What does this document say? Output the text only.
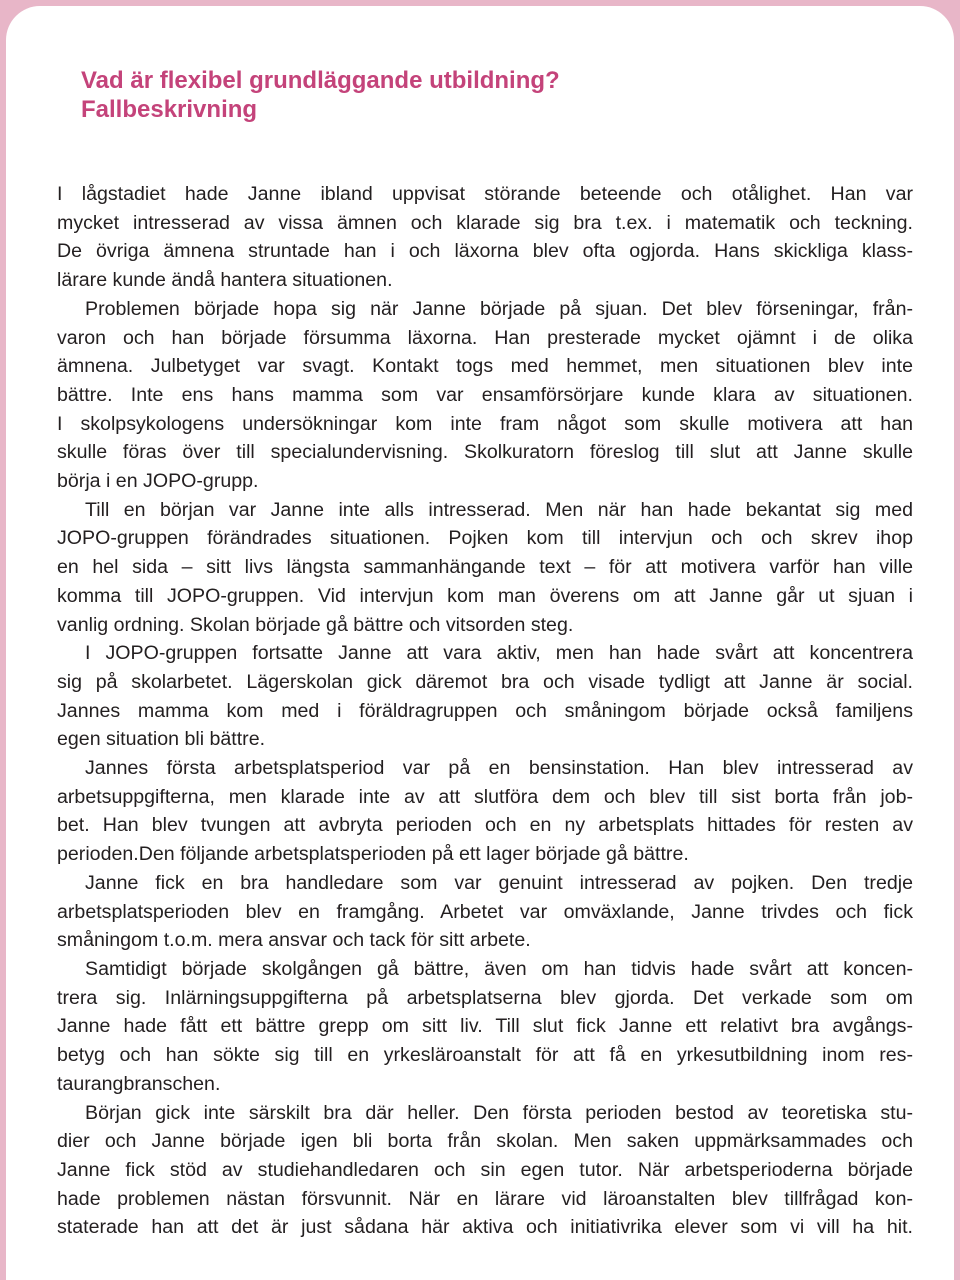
Vad är flexibel grundläggande utbildning?
Fallbeskrivning

I lågstadiet hade Janne ibland uppvisat störande beteende och otålighet. Han var
mycket intresserad av vissa ämnen och klarade sig bra t.ex. i matematik och teckning.
De övriga ämnena struntade han i och läxorna blev ofta ogjorda. Hans skickliga klass-
lärare kunde ändå hantera situationen.

Problemen började hopa sig när Janne började på sjuan. Det blev förseningar, från-
varon och han började försumma läxorna. Han presterade mycket ojämnt i de olika
ämnena. Julbetyget var svagt. Kontakt togs med hemmet, men situationen blev inte
bättre. Inte ens hans mamma som var ensamförsörjare kunde klara av situationen.
I skolpsykologens undersökningar kom inte fram något som skulle motivera att han
skulle föras över till specialundervisning. Skolkuratorn föreslog till slut att Janne skulle
börja i en JOPO-grupp.

Till en början var Janne inte alls intresserad. Men när han hade bekantat sig med
JOPO-gruppen förändrades situationen. Pojken kom till intervjun och och skrev ihop
en hel sida – sitt livs längsta sammanhängande text – för att motivera varför han ville
komma till JOPO-gruppen. Vid intervjun kom man överens om att Janne går ut sjuan i
vanlig ordning. Skolan började gå bättre och vitsorden steg.

I JOPO-gruppen fortsatte Janne att vara aktiv, men han hade svårt att koncentrera
sig på skolarbetet. Lägerskolan gick däremot bra och visade tydligt att Janne är social.
Jannes mamma kom med i föräldragruppen och småningom började också familjens
egen situation bli bättre.

Jannes första arbetsplatsperiod var på en bensinstation. Han blev intresserad av
arbetsuppgifterna, men klarade inte av att slutföra dem och blev till sist borta från job-
bet. Han blev tvungen att avbryta perioden och en ny arbetsplats hittades för resten av
perioden.Den följande arbetsplatsperioden på ett lager började gå bättre.

Janne fick en bra handledare som var genuint intresserad av pojken. Den tredje
arbetsplatsperioden blev en framgång. Arbetet var omväxlande, Janne trivdes och fick
småningom t.o.m. mera ansvar och tack för sitt arbete.

Samtidigt började skolgången gå bättre, även om han tidvis hade svårt att koncen-
trera sig. Inlärningsuppgifterna på arbetsplatserna blev gjorda. Det verkade som om
Janne hade fått ett bättre grepp om sitt liv. Till slut fick Janne ett relativt bra avgångs-
betyg och han sökte sig till en yrkesläroanstalt för att få en yrkesutbildning inom res-
taurangbranschen.

Början gick inte särskilt bra där heller. Den första perioden bestod av teoretiska stu-
dier och Janne började igen bli borta från skolan. Men saken uppmärksammades och
Janne fick stöd av studiehandledaren och sin egen tutor. När arbetsperioderna började
hade problemen nästan försvunnit. När en lärare vid läroanstalten blev tillfrågad kon-
staterade han att det är just sådana här aktiva och initiativrika elever som vi vill ha hit.
